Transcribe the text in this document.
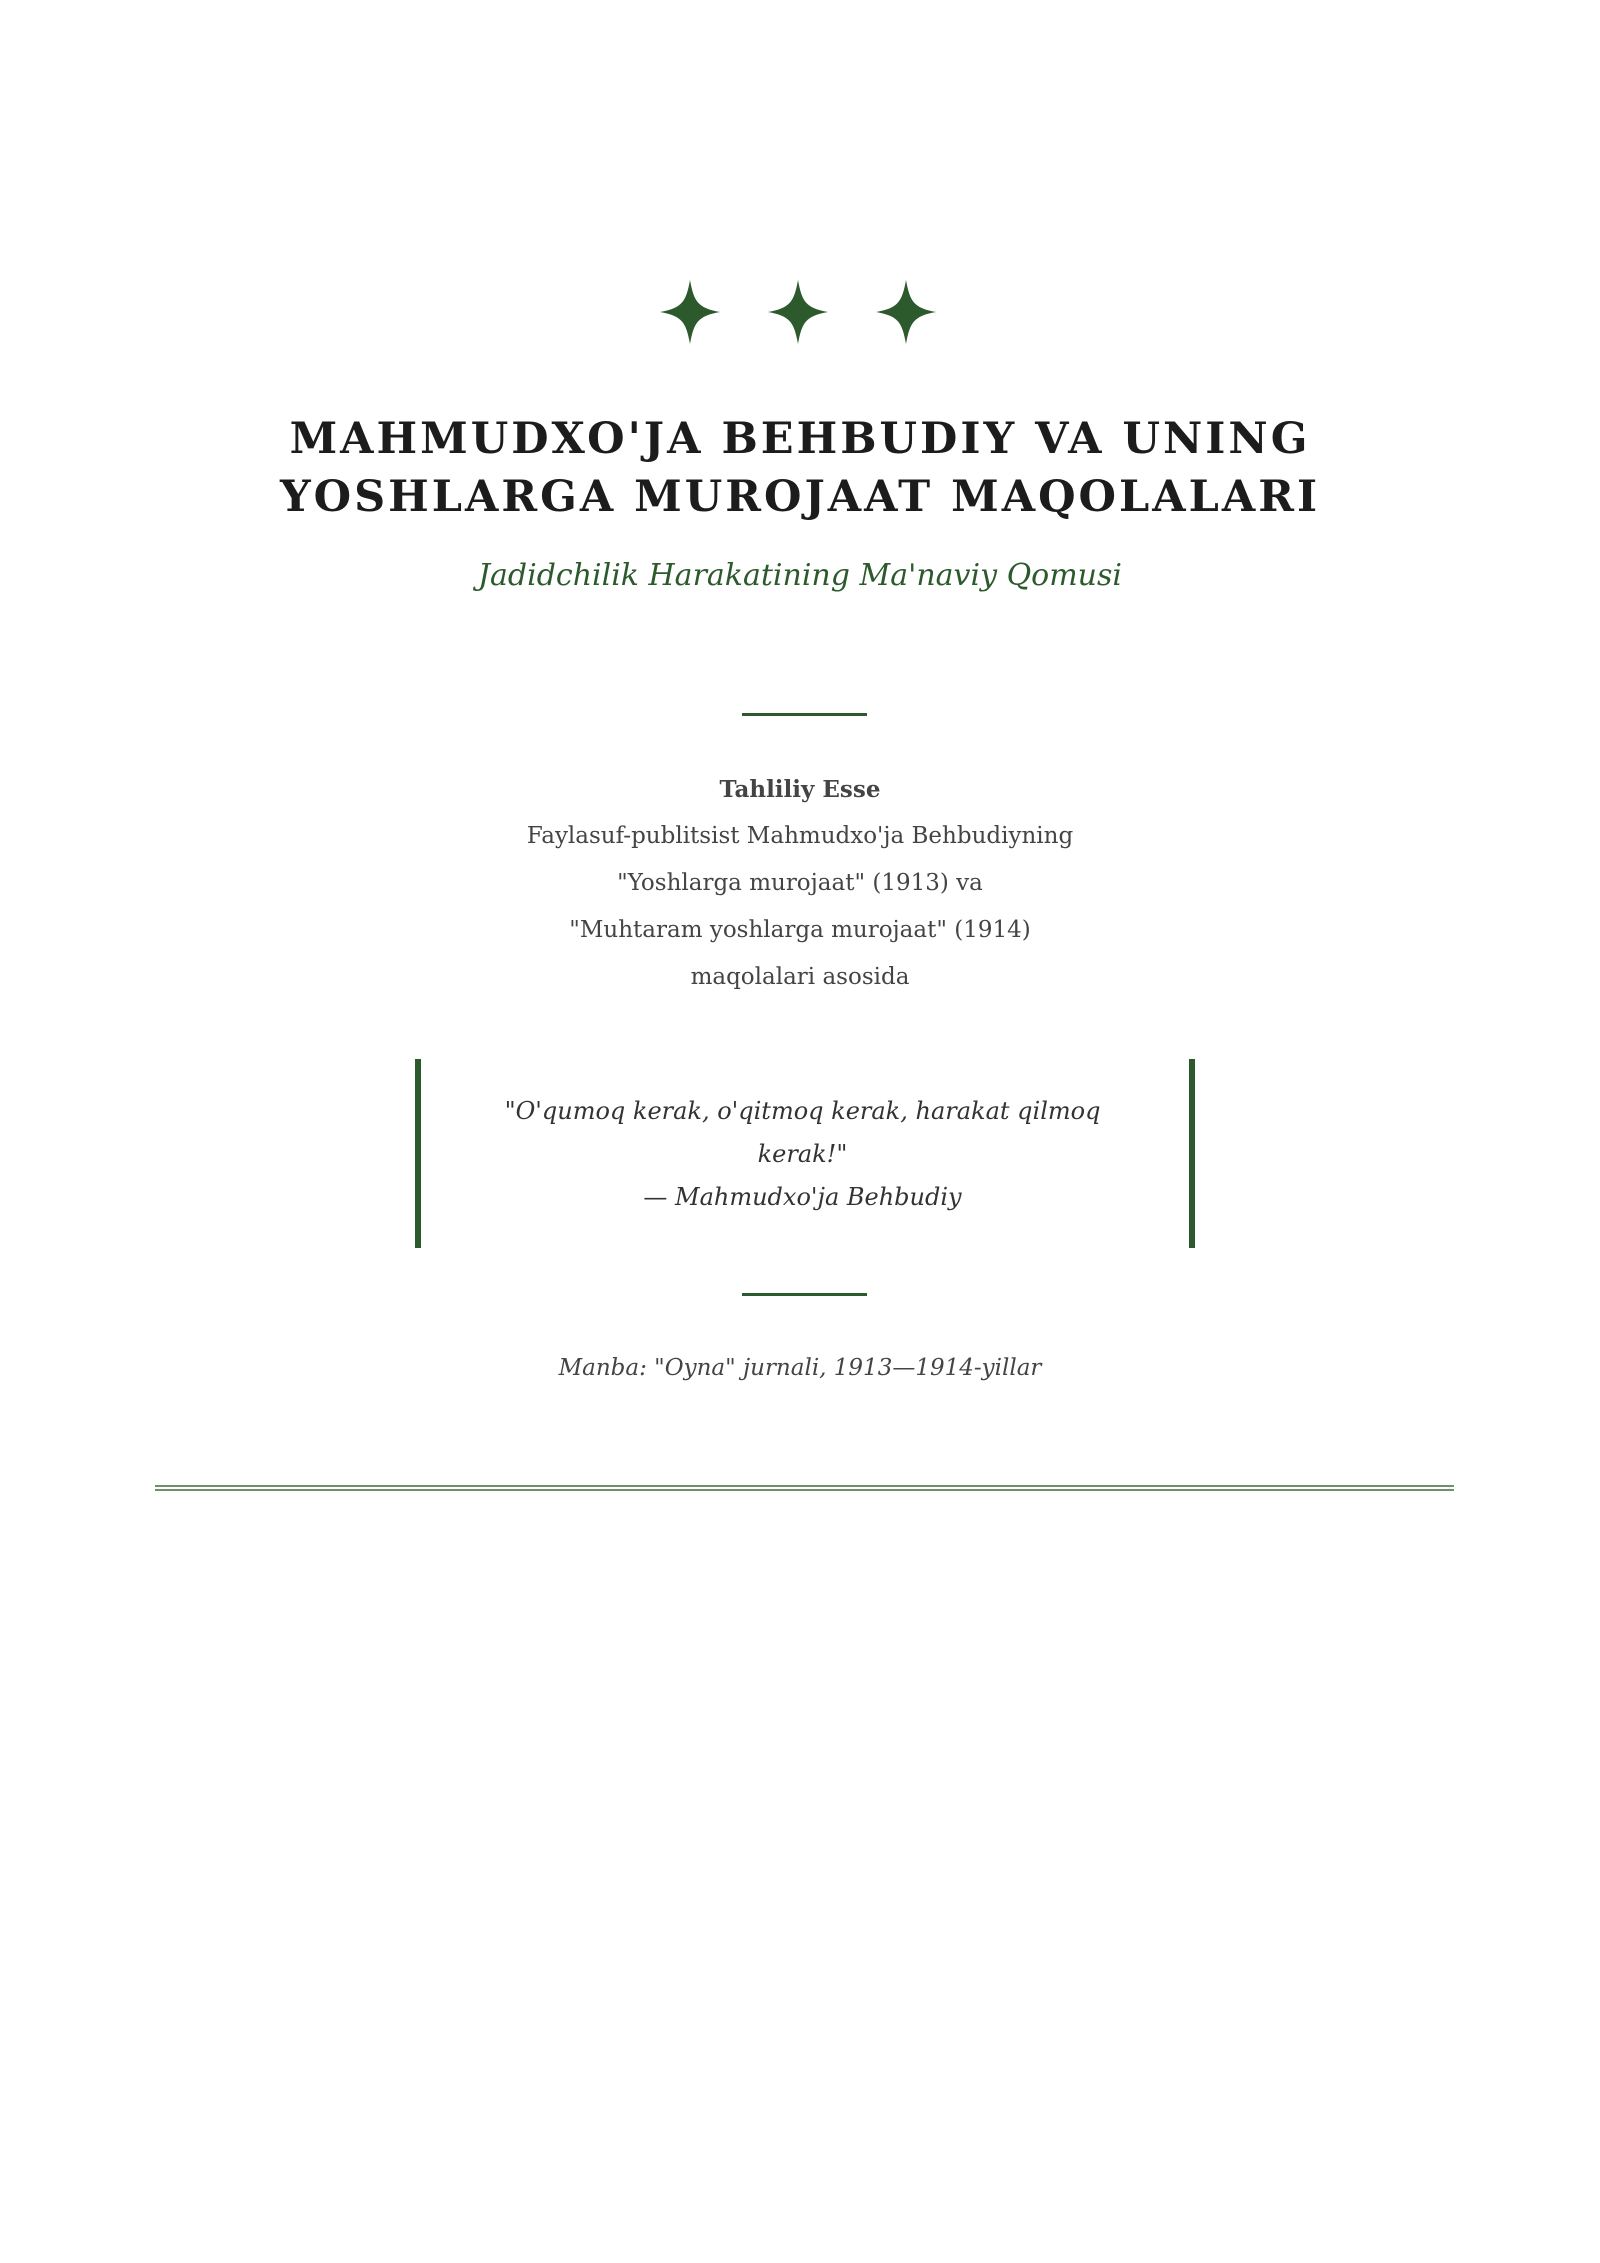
MAHMUDXO'JA BEHBUDIY VA UNING
YOSHLARGA MUROJAAT MAQOLALARI
Jadidchilik Harakatining Ma'naviy Qomusi
Tahliliy Esse
Faylasuf-publitsist Mahmudxo'ja Behbudiyning
"Yoshlarga murojaat" (1913) va
"Muhtaram yoshlarga murojaat" (1914)
maqolalari asosida
"O'qumoq kerak, o'qitmoq kerak, harakat qilmoq kerak!"
— Mahmudxo'ja Behbudiy
Manba: "Oyna" jurnali, 1913—1914-yillar
